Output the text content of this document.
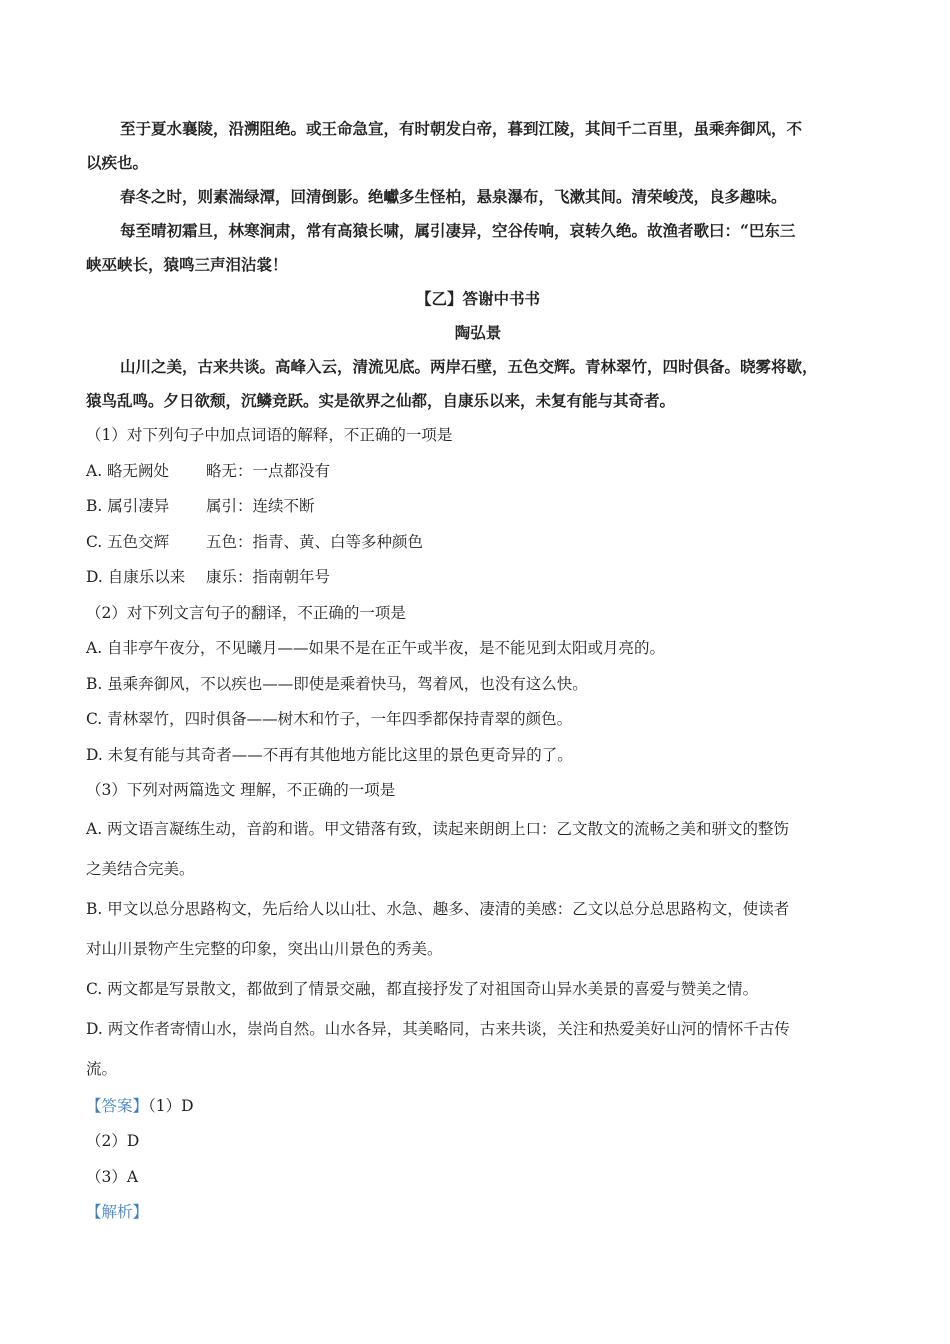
至于夏水襄陵，沿溯阻绝。或王命急宣，有时朝发白帝，暮到江陵，其间千二百里，虽乘奔御风，不

以疾也。

春冬之时，则素湍绿潭，回清倒影。绝巘多生怪柏，悬泉瀑布，飞漱其间。清荣峻茂，良多趣味。

每至晴初霜旦，林寒涧肃，常有高猿长啸，属引凄异，空谷传响，哀转久绝。故渔者歌曰：“巴东三

峡巫峡长，猿鸣三声泪沾裳！

【乙】答谢中书书

陶弘景

山川之美，古来共谈。高峰入云，清流见底。两岸石壁，五色交辉。青林翠竹，四时俱备。晓雾将歇，

猿鸟乱鸣。夕日欲颓，沉鳞竞跃。实是欲界之仙都，自康乐以来，未复有能与其奇者。

（1）对下列句子中加点词语的解释，不正确的一项是

A. 略无阙处 略无：一点都没有

B. 属引凄异 属引：连续不断

C. 五色交辉 五色：指青、黄、白等多种颜色

D. 自康乐以来 康乐：指南朝年号

（2）对下列文言句子的翻译，不正确的一项是

A. 自非亭午夜分，不见曦月——如果不是在正午或半夜，是不能见到太阳或月亮的。

B. 虽乘奔御风，不以疾也——即使是乘着快马，驾着风，也没有这么快。

C. 青林翠竹，四时俱备——树木和竹子，一年四季都保持青翠的颜色。

D. 未复有能与其奇者——不再有其他地方能比这里的景色更奇异的了。

（3）下列对两篇选文 理解，不正确的一项是

A. 两文语言凝练生动，音韵和谐。甲文错落有致，读起来朗朗上口：乙文散文的流畅之美和骈文的整饬

之美结合完美。

B. 甲文以总分思路构文，先后给人以山壮、水急、趣多、凄清的美感：乙文以总分总思路构文，使读者

对山川景物产生完整的印象，突出山川景色的秀美。

C. 两文都是写景散文，都做到了情景交融，都直接抒发了对祖国奇山异水美景的喜爱与赞美之情。

D. 两文作者寄情山水，崇尚自然。山水各异，其美略同，古来共谈，关注和热爱美好山河的情怀千古传

流。

【答案】（1）D

（2）D

（3）A

【解析】
